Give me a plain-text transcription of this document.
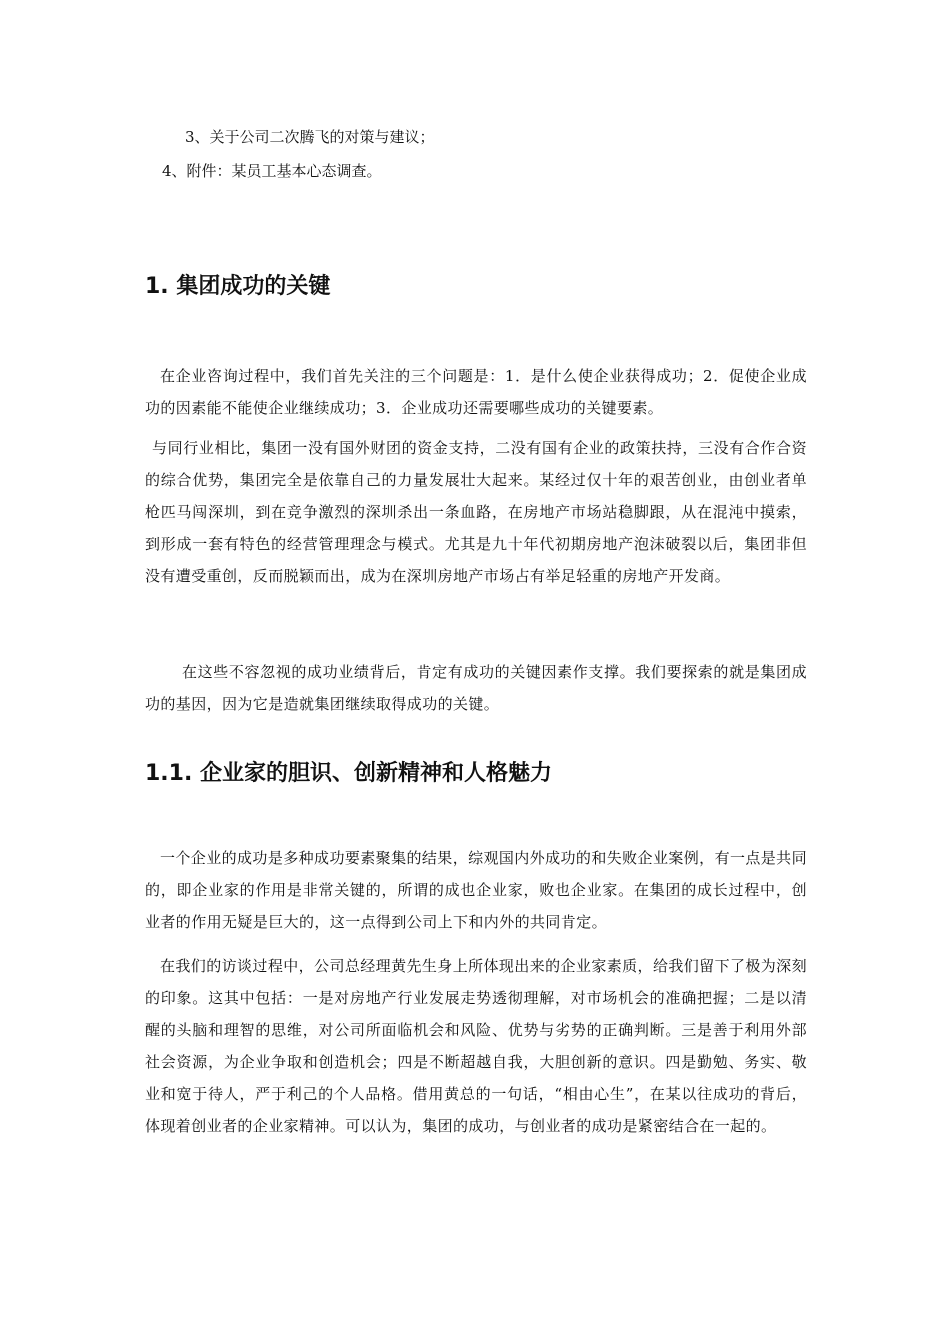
3、关于公司二次腾飞的对策与建议；
4、附件：某员工基本心态调查。
1. 集团成功的关键

在企业咨询过程中，我们首先关注的三个问题是：1．是什么使企业获得成功；2．促使企业成功的因素能不能使企业继续成功；3．企业成功还需要哪些成功的关键要素。

与同行业相比，集团一没有国外财团的资金支持，二没有国有企业的政策扶持，三没有合作合资的综合优势，集团完全是依靠自己的力量发展壮大起来。某经过仅十年的艰苦创业，由创业者单枪匹马闯深圳，到在竞争激烈的深圳杀出一条血路，在房地产市场站稳脚跟，从在混沌中摸索，到形成一套有特色的经营管理理念与模式。尤其是九十年代初期房地产泡沫破裂以后，集团非但没有遭受重创，反而脱颖而出，成为在深圳房地产市场占有举足轻重的房地产开发商。

在这些不容忽视的成功业绩背后，肯定有成功的关键因素作支撑。我们要探索的就是集团成功的基因，因为它是造就集团继续取得成功的关键。

1.1. 企业家的胆识、创新精神和人格魅力

一个企业的成功是多种成功要素聚集的结果，综观国内外成功的和失败企业案例，有一点是共同的，即企业家的作用是非常关键的，所谓的成也企业家，败也企业家。在集团的成长过程中，创业者的作用无疑是巨大的，这一点得到公司上下和内外的共同肯定。

在我们的访谈过程中，公司总经理黄先生身上所体现出来的企业家素质，给我们留下了极为深刻的印象。这其中包括：一是对房地产行业发展走势透彻理解，对市场机会的准确把握；二是以清醒的头脑和理智的思维，对公司所面临机会和风险、优势与劣势的正确判断。三是善于利用外部社会资源，为企业争取和创造机会；四是不断超越自我，大胆创新的意识。四是勤勉、务实、敬业和宽于待人，严于利己的个人品格。借用黄总的一句话，“相由心生”，在某以往成功的背后，体现着创业者的企业家精神。可以认为，集团的成功，与创业者的成功是紧密结合在一起的。
